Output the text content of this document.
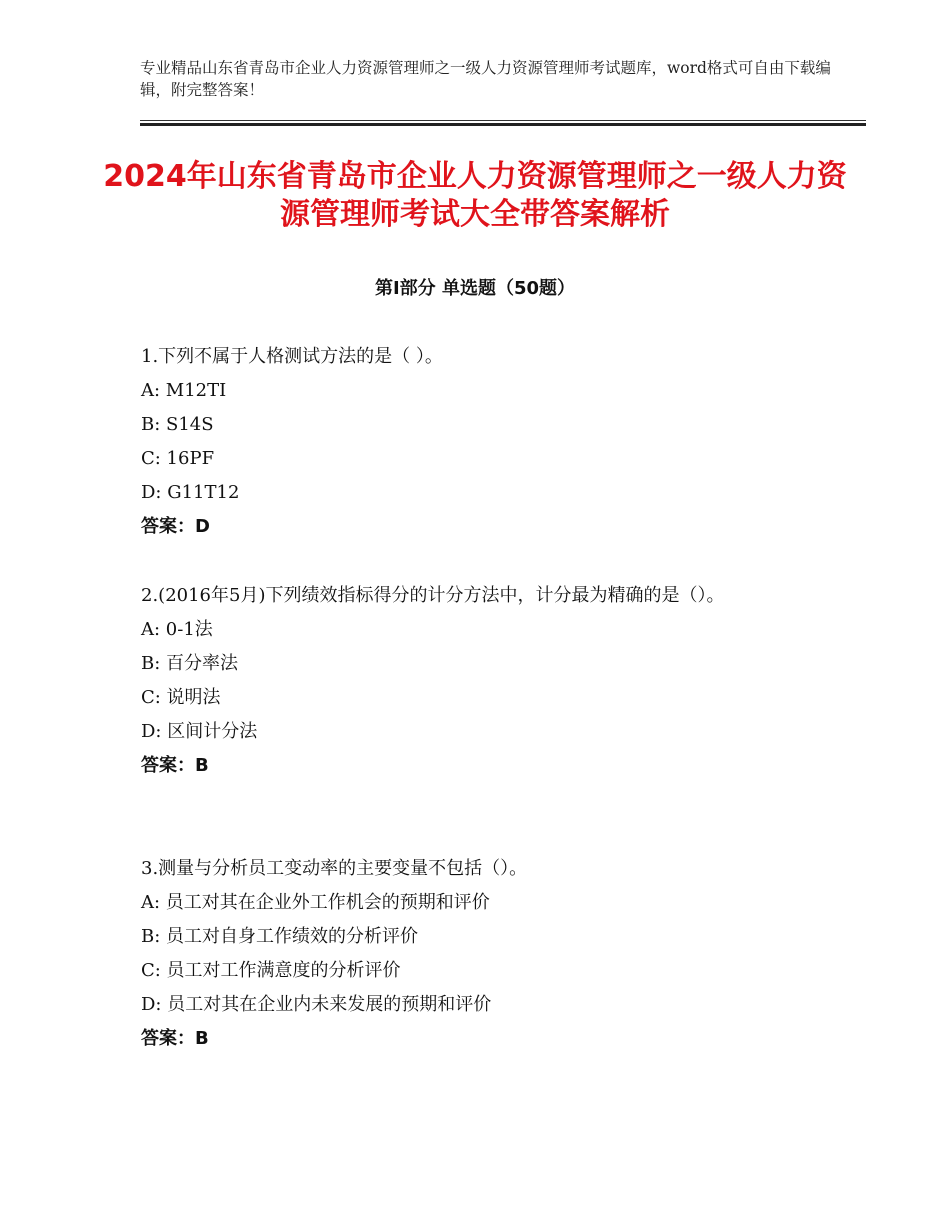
专业精品山东省青岛市企业人力资源管理师之一级人力资源管理师考试题库，word格式可自由下载编辑，附完整答案！
2024年山东省青岛市企业人力资源管理师之一级人力资源管理师考试大全带答案解析
第Ⅰ部分 单选题（50题）

1.下列不属于人格测试方法的是（ ）。

A: M12TI

B: S14S

C: 16PF

D: G11T12

答案：D

2.(2016年5月)下列绩效指标得分的计分方法中，计分最为精确的是（）。

A: 0-1法

B: 百分率法

C: 说明法

D: 区间计分法

答案：B

3.测量与分析员工变动率的主要变量不包括（）。

A: 员工对其在企业外工作机会的预期和评价

B: 员工对自身工作绩效的分析评价

C: 员工对工作满意度的分析评价

D: 员工对其在企业内未来发展的预期和评价

答案：B
